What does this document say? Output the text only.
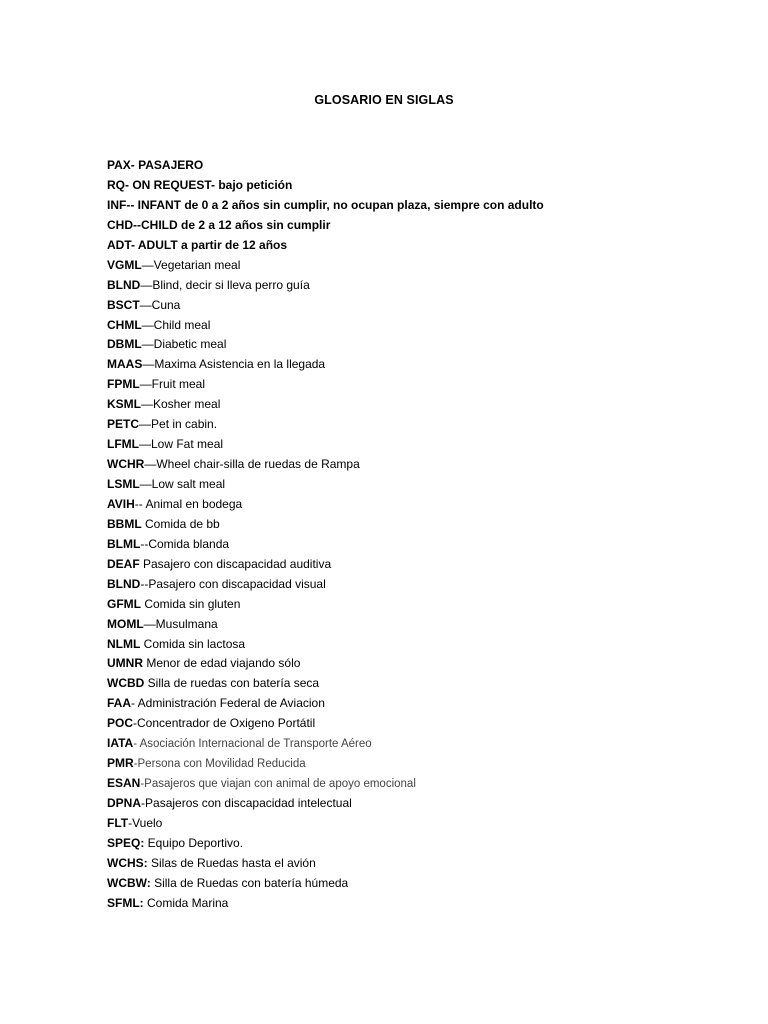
GLOSARIO EN SIGLAS
PAX- PASAJERO
RQ- ON REQUEST- bajo petición
INF-- INFANT de 0 a 2 años sin cumplir, no ocupan plaza, siempre con adulto
CHD--CHILD de 2 a 12 años sin cumplir
ADT- ADULT a partir de 12 años
VGML—Vegetarian meal
BLND—Blind, decir si lleva perro guía
BSCT—Cuna
CHML—Child meal
DBML—Diabetic meal
MAAS—Maxima Asistencia en la llegada
FPML—Fruit meal
KSML—Kosher meal
PETC—Pet in cabin.
LFML—Low Fat meal
WCHR—Wheel chair-silla de ruedas de Rampa
LSML—Low salt meal
AVIH-- Animal en bodega
BBML Comida de bb
BLML--Comida blanda
DEAF Pasajero con discapacidad auditiva
BLND--Pasajero con discapacidad visual
GFML Comida sin gluten
MOML—Musulmana
NLML Comida sin lactosa
UMNR Menor de edad viajando sólo
WCBD Silla de ruedas con batería seca
FAA- Administración Federal de Aviacion
POC-Concentrador de Oxigeno Portátil
IATA- Asociación Internacional de Transporte Aéreo
PMR-Persona con Movilidad Reducida
ESAN-Pasajeros que viajan con animal de apoyo emocional
DPNA-Pasajeros con discapacidad intelectual
FLT-Vuelo
SPEQ: Equipo Deportivo.
WCHS: Silas de Ruedas hasta el avión
WCBW: Silla de Ruedas con batería húmeda
SFML: Comida Marina
